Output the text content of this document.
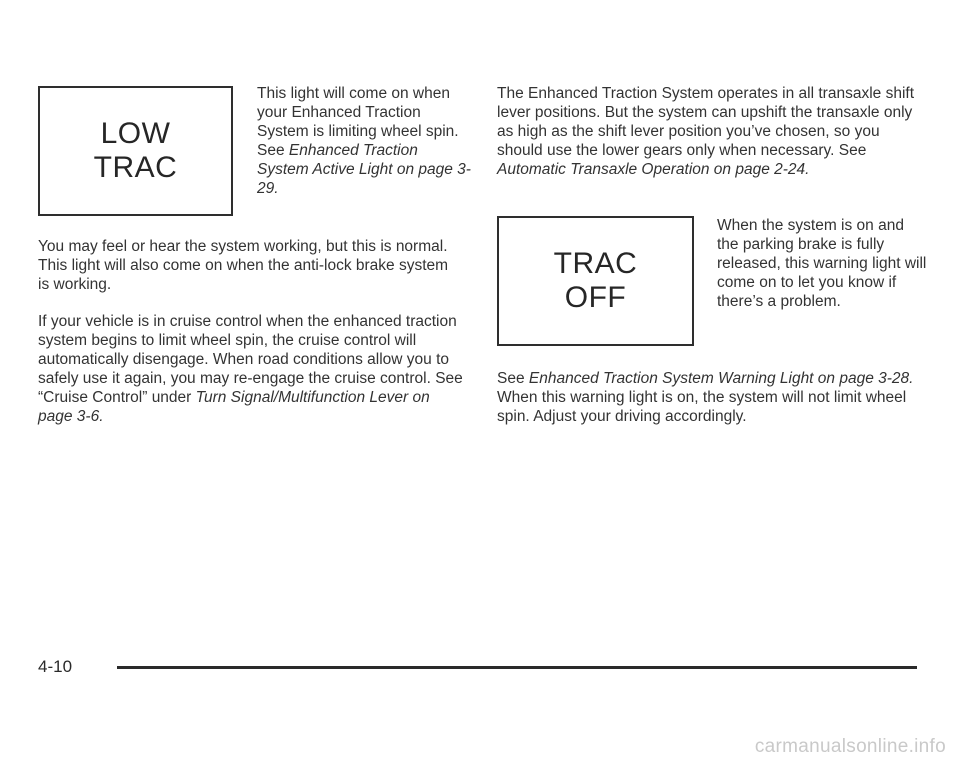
LOW
TRAC

This light will come on when your Enhanced Traction System is limiting wheel spin. See Enhanced Traction System Active Light on page 3-29.

You may feel or hear the system working, but this is normal. This light will also come on when the anti-lock brake system is working.

If your vehicle is in cruise control when the enhanced traction system begins to limit wheel spin, the cruise control will automatically disengage. When road conditions allow you to safely use it again, you may re-engage the cruise control. See “Cruise Control” under Turn Signal/Multifunction Lever on page 3-6.

The Enhanced Traction System operates in all transaxle shift lever positions. But the system can upshift the transaxle only as high as the shift lever position you’ve chosen, so you should use the lower gears only when necessary. See Automatic Transaxle Operation on page 2-24.

TRAC
OFF

When the system is on and the parking brake is fully released, this warning light will come on to let you know if there’s a problem.

See Enhanced Traction System Warning Light on page 3-28. When this warning light is on, the system will not limit wheel spin. Adjust your driving accordingly.

4-10
carmanualsonline.info
